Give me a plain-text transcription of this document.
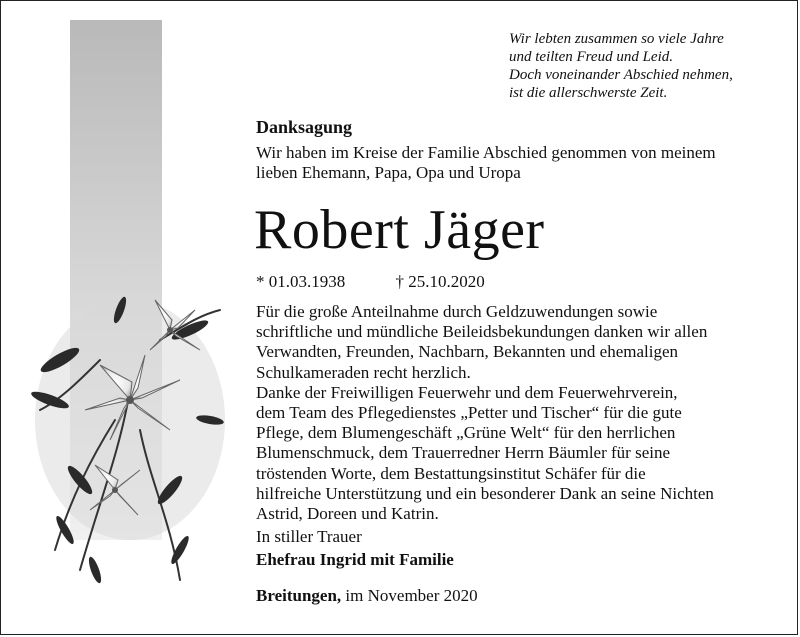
Wir lebten zusammen so viele Jahre
und teilten Freud und Leid.
Doch voneinander Abschied nehmen,
ist die allerschwerste Zeit.
Danksagung
Wir haben im Kreise der Familie Abschied genommen von meinem
lieben Ehemann, Papa, Opa und Uropa
Robert Jäger
* 01.03.1938	† 25.10.2020
Für die große Anteilnahme durch Geldzuwendungen sowie
schriftliche und mündliche Beileidsbekundungen danken wir allen
Verwandten, Freunden, Nachbarn, Bekannten und ehemaligen
Schulkameraden recht herzlich.
Danke der Freiwilligen Feuerwehr und dem Feuerwehrverein,
dem Team des Pflegedienstes „Petter und Tischer“ für die gute
Pflege, dem Blumengeschäft „Grüne Welt“ für den herrlichen
Blumenschmuck, dem Trauerredner Herrn Bäumler für seine
tröstenden Worte, dem Bestattungsinstitut Schäfer für die
hilfreiche Unterstützung und ein besonderer Dank an seine Nichten
Astrid, Doreen und Katrin.
In stiller Trauer
Ehefrau Ingrid mit Familie
Breitungen, im November 2020
